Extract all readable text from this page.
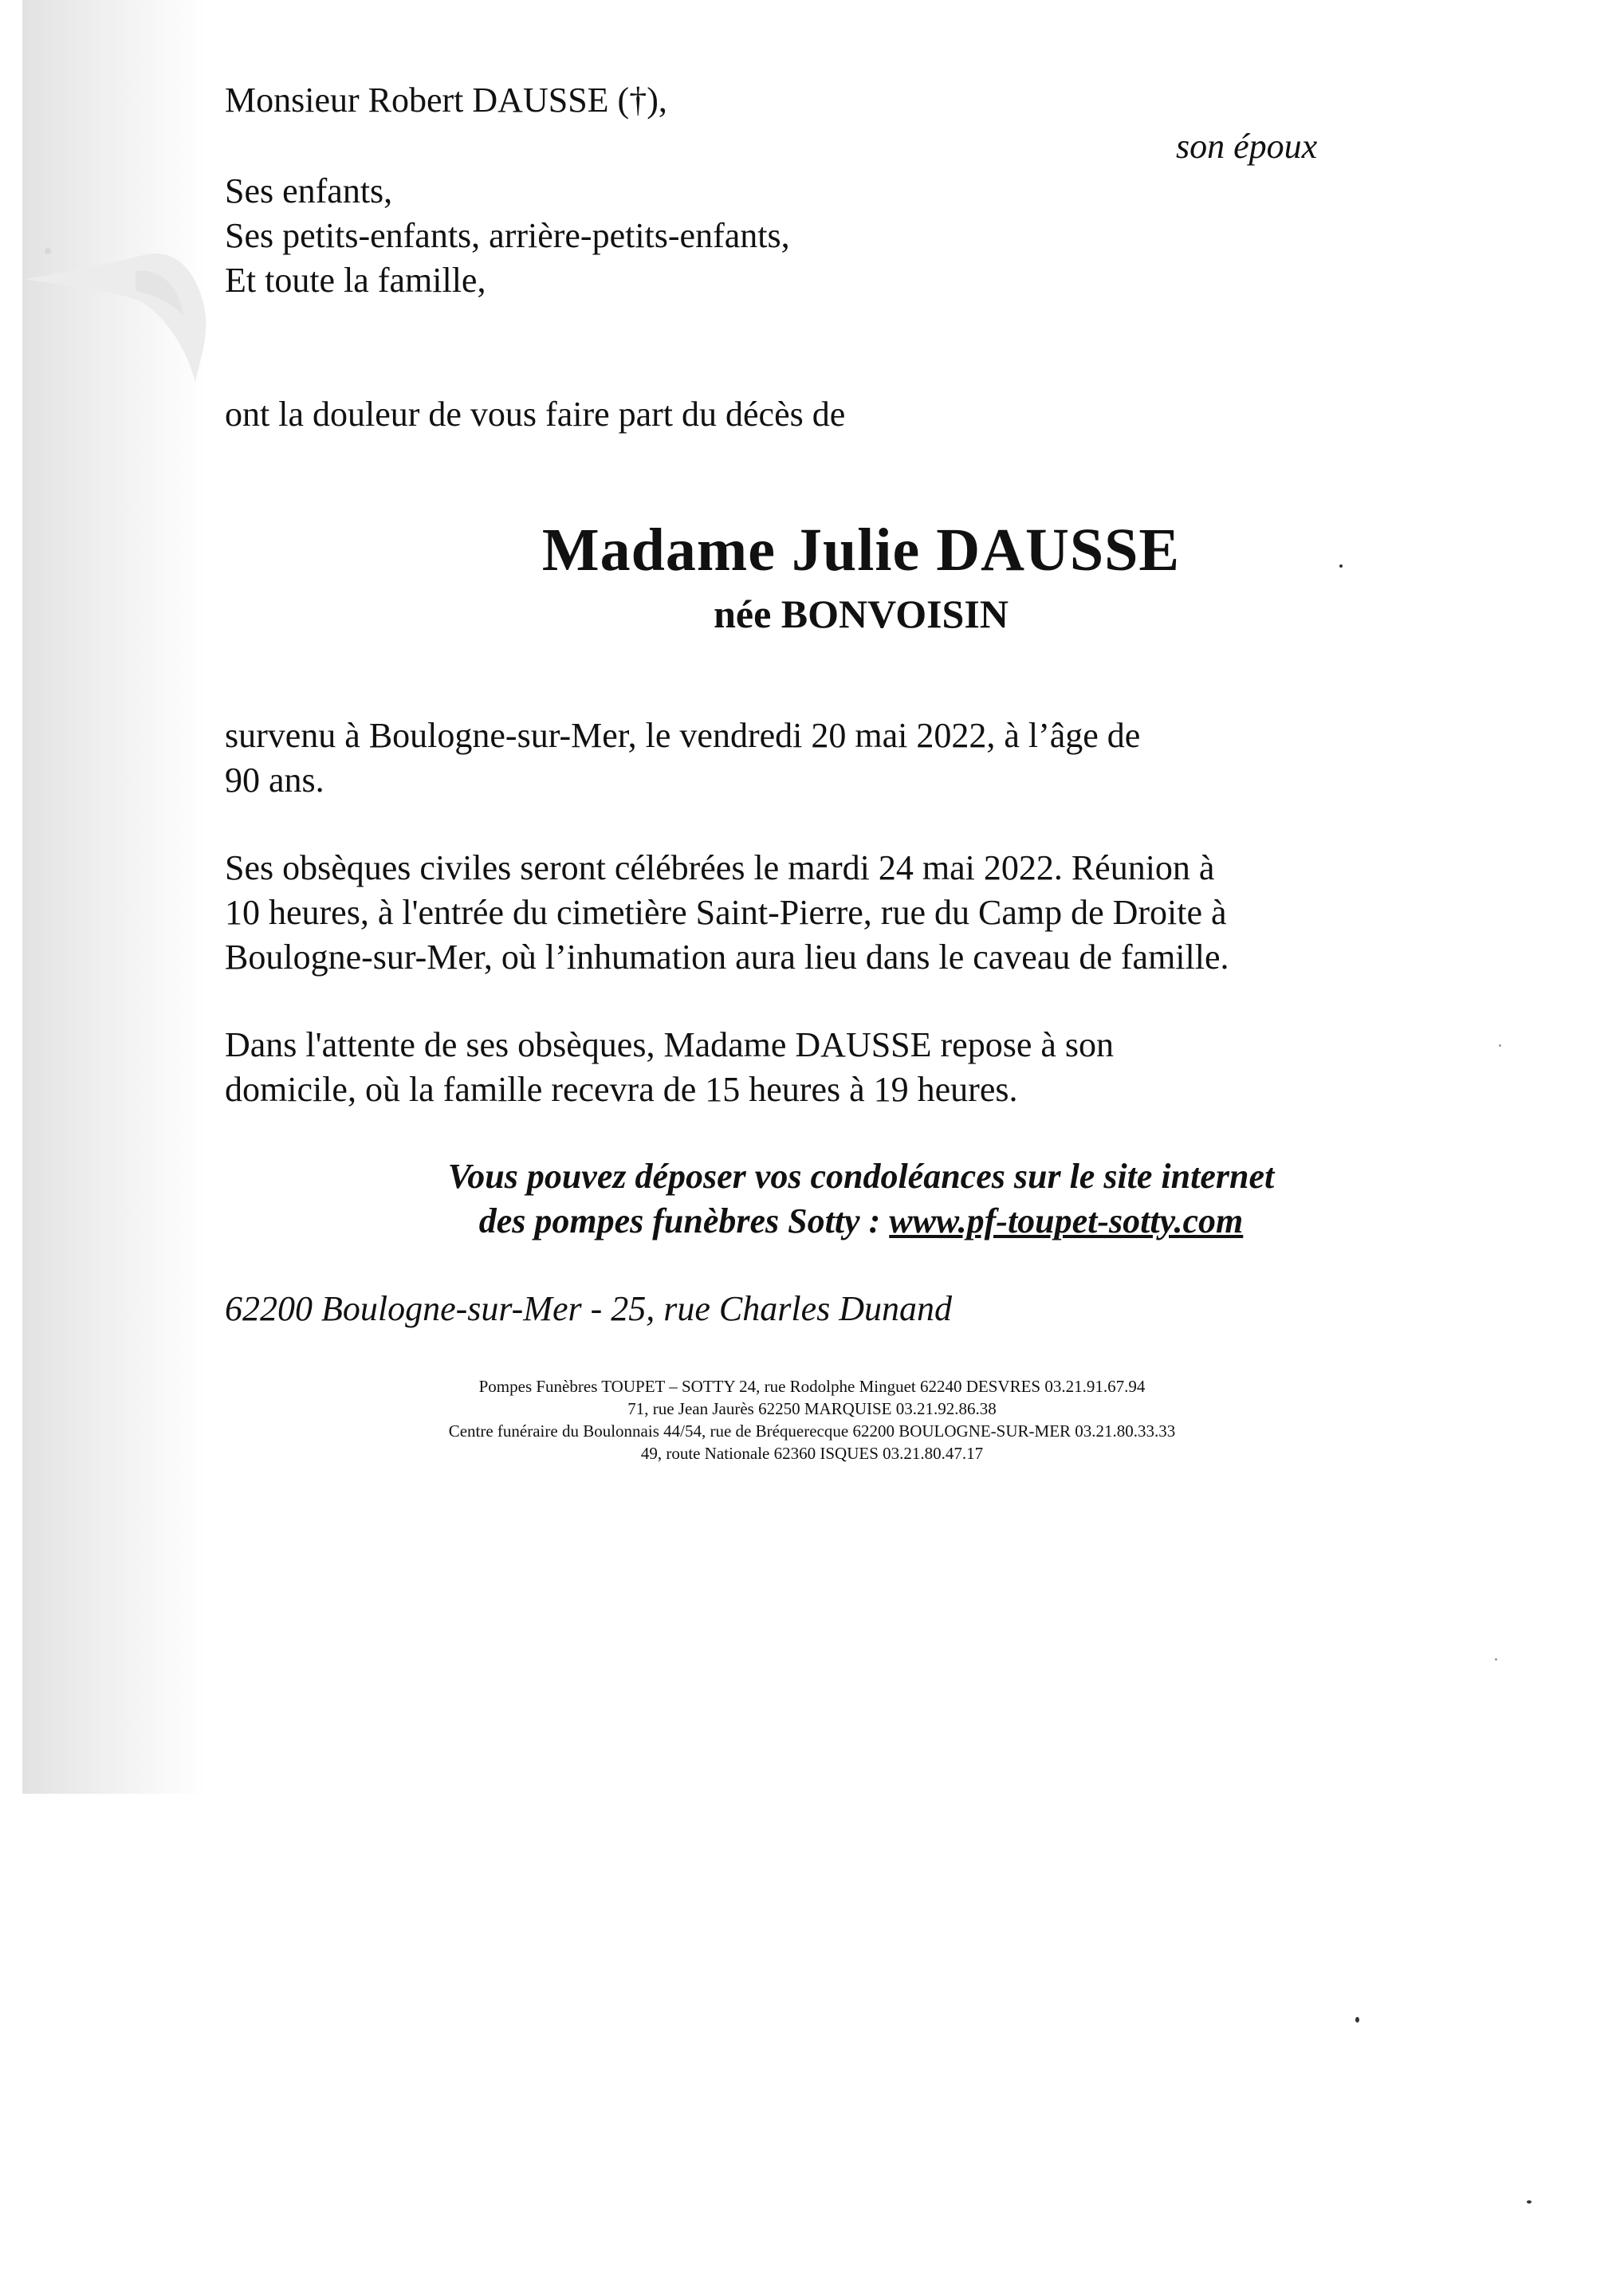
Monsieur Robert DAUSSE (†),
son époux
Ses enfants,
Ses petits-enfants, arrière-petits-enfants,
Et toute la famille,
ont la douleur de vous faire part du décès de
Madame Julie DAUSSE
née BONVOISIN
survenu à Boulogne-sur-Mer, le vendredi 20 mai 2022, à l’âge de
90 ans.
Ses obsèques civiles seront célébrées le mardi 24 mai 2022. Réunion à
10 heures, à l'entrée du cimetière Saint-Pierre, rue du Camp de Droite à
Boulogne-sur-Mer, où l’inhumation aura lieu dans le caveau de famille.
Dans l'attente de ses obsèques, Madame DAUSSE repose à son
domicile, où la famille recevra de 15 heures à 19 heures.
Vous pouvez déposer vos condoléances sur le site internet
des pompes funèbres Sotty : www.pf-toupet-sotty.com
62200 Boulogne-sur-Mer - 25, rue Charles Dunand
Pompes Funèbres TOUPET – SOTTY 24, rue Rodolphe Minguet 62240 DESVRES 03.21.91.67.94
71, rue Jean Jaurès 62250 MARQUISE 03.21.92.86.38
Centre funéraire du Boulonnais 44/54, rue de Bréquerecque 62200 BOULOGNE-SUR-MER 03.21.80.33.33
49, route Nationale 62360 ISQUES 03.21.80.47.17
